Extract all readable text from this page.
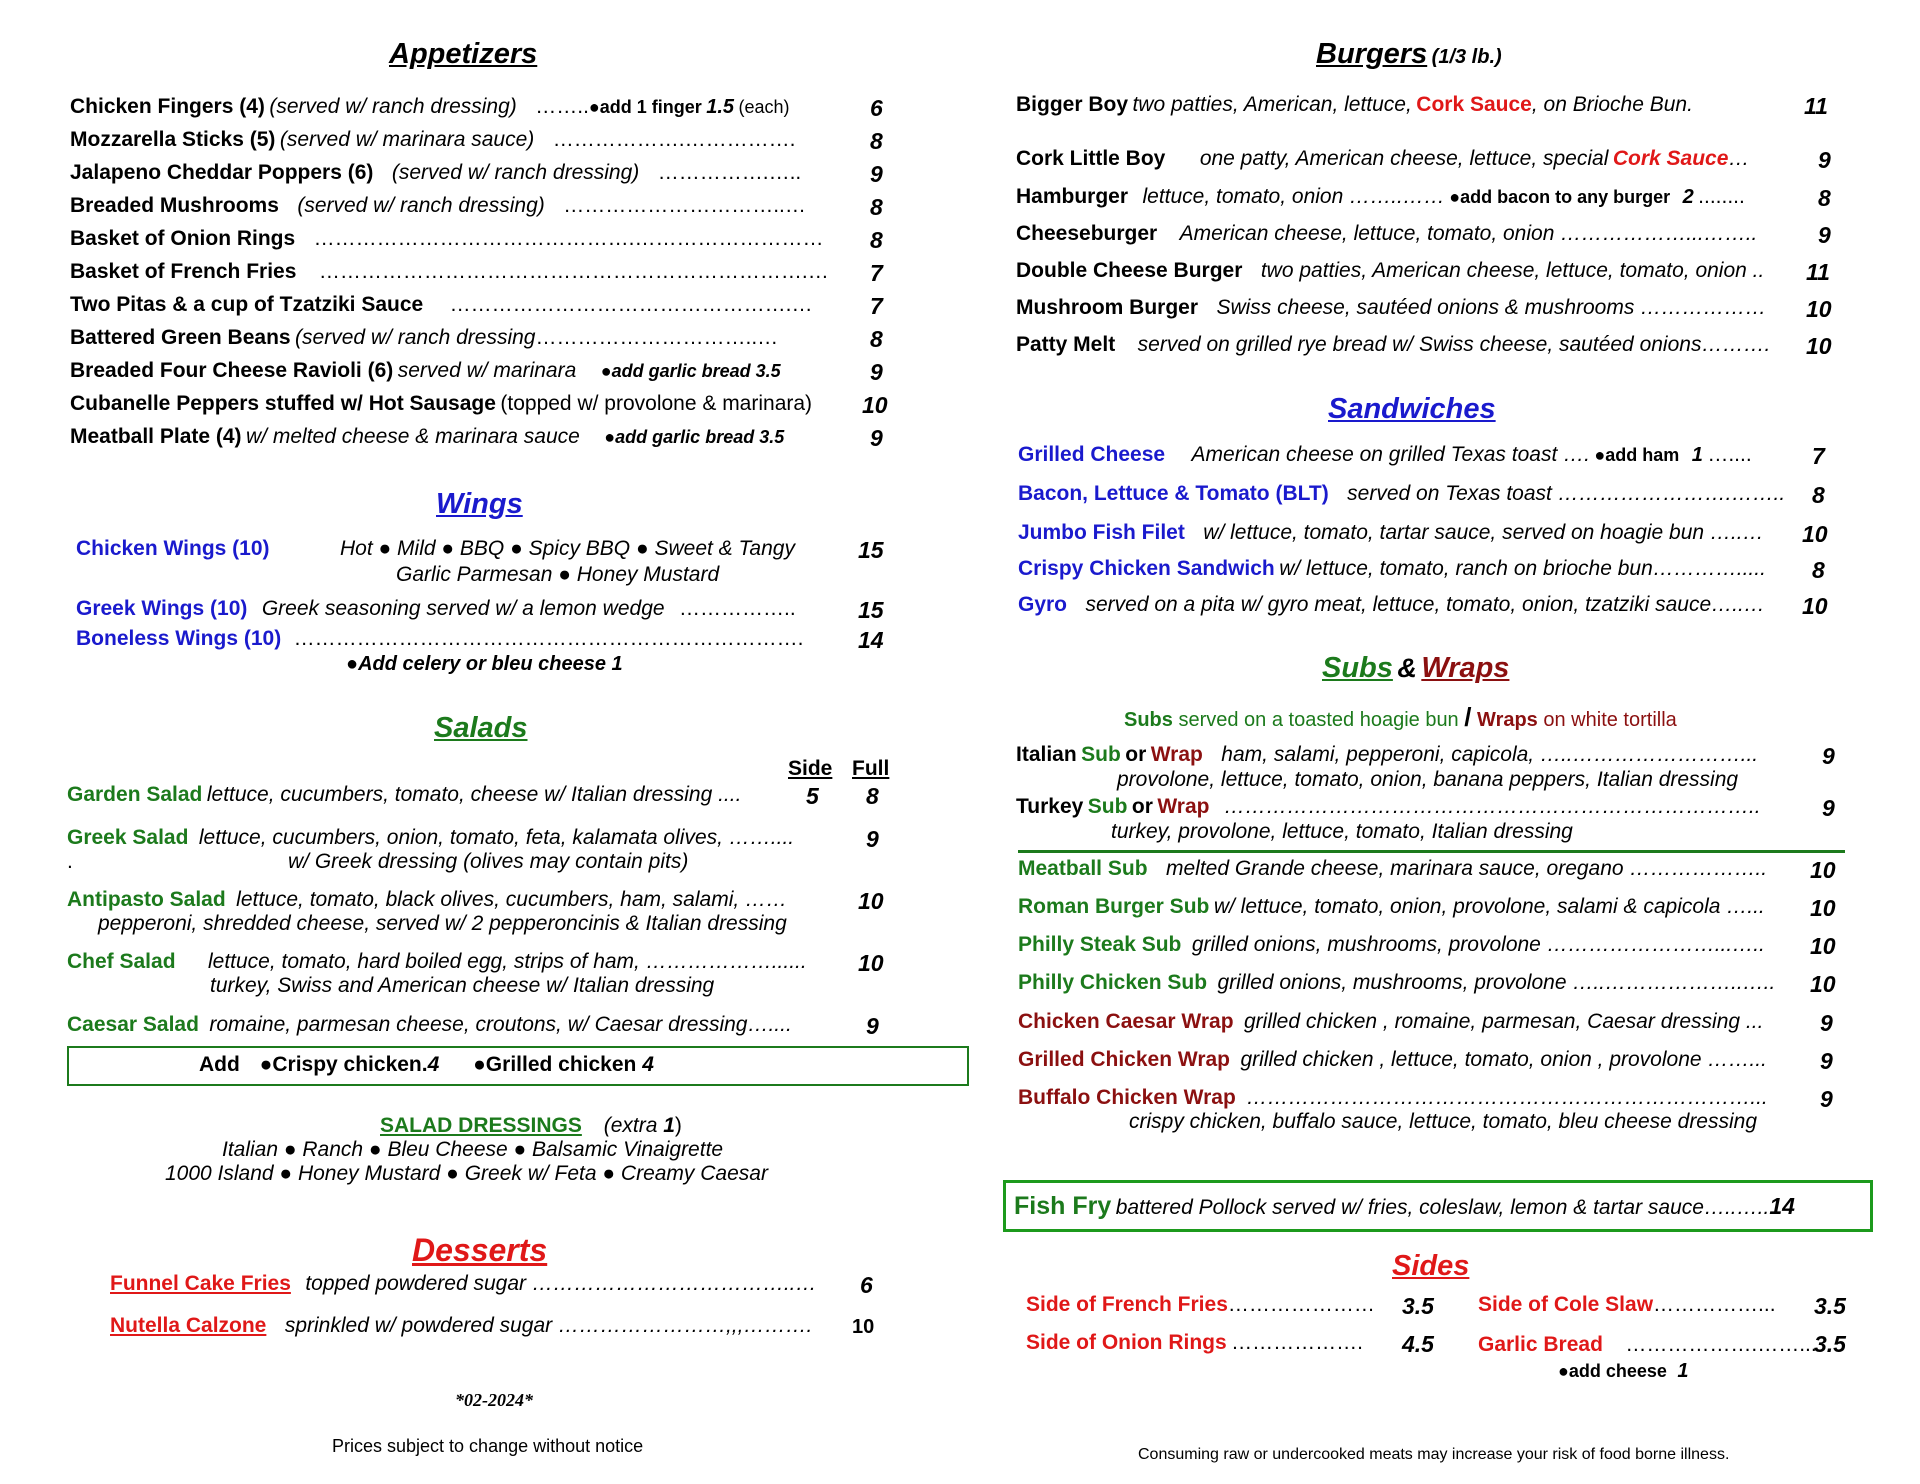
Appetizers
Chicken Fingers (4) (served w/ ranch dressing) ……..●add 1 finger 1.5 (each)	6
Mozzarella Sticks (5) (served w/ marinara sauce) ……………….…………….	8
Jalapeno Cheddar Poppers (6) (served w/ ranch dressing) …………….…..	9
Breaded Mushrooms (served w/ ranch dressing) …………………………..…	8
Basket of Onion Rings ……………………………………….……………………… 8
Basket of French Fries …………………………………………………………….… 7
Two Pitas & a cup of Tzatziki Sauce ………………………………………….…	7
Battered Green Beans (served w/ ranch dressing…………………………..…	8
Breaded Four Cheese Ravioli (6) served w/ marinara ●add garlic bread 3.5	9
Cubanelle Peppers stuffed w/ Hot Sausage (topped w/ provolone & marinara) 10
Meatball Plate (4) w/ melted cheese & marinara sauce ●add garlic bread 3.5	9
Wings
Chicken Wings (10)	Hot ● Mild ● BBQ ● Spicy BBQ ● Sweet & Tangy
Garlic Parmesan ● Honey Mustard
15
Greek Wings (10) Greek seasoning served w/ a lemon wedge ……………..	15
Boneless Wings (10) ………………………………………………………………. 14
●Add celery or bleu cheese 1
Salads
Side Full
Garden Salad lettuce, cucumbers, tomato, cheese w/ Italian dressing ....	5 8
Greek Salad lettuce, cucumbers, onion, tomato, feta, kalamata olives, ……....
.	w/ Greek dressing (olives may contain pits)
9
Antipasto Salad lettuce, tomato, black olives, cucumbers, ham, salami, ……
pepperoni, shredded cheese, served w/ 2 pepperoncinis & Italian dressing
10
Chef Salad lettuce, tomato, hard boiled egg, strips of ham, ………………......
turkey, Swiss and American cheese w/ Italian dressing
10
Caesar Salad romaine, parmesan cheese, croutons, w/ Caesar dressing…....	9
Add ●Crispy chicken.4 ●Grilled chicken 4
SALAD DRESSINGS (extra 1)
Italian ● Ranch ● Bleu Cheese ● Balsamic Vinaigrette
1000 Island ● Honey Mustard ● Greek w/ Feta ● Creamy Caesar
Desserts
Funnel Cake Fries topped powdered sugar ………………………………..… 6
Nutella Calzone sprinkled w/ powdered sugar ……………………,,,………. 10
*02-2024*
Prices subject to change without notice
Burgers (1/3 lb.)
Bigger Boy two patties, American, lettuce, Cork Sauce, on Brioche Bun.	11
Cork Little Boy one patty, American cheese, lettuce, special Cork Sauce…	9
Hamburger lettuce, tomato, onion ……..…… ●add bacon to any burger 2 ........	8
Cheeseburger American cheese, lettuce, tomato, onion ………………...……..	9
Double Cheese Burger two patties, American cheese, lettuce, tomato, onion .. 11
Mushroom Burger Swiss cheese, sautéed onions & mushrooms ……………… 10
Patty Melt served on grilled rye bread w/ Swiss cheese, sautéed onions………. 10
Sandwiches
Grilled Cheese American cheese on grilled Texas toast …. ●add ham 1 …....	7
Bacon, Lettuce & Tomato (BLT) served on Texas toast …………………….…….. 8
Jumbo Fish Filet w/ lettuce, tomato, tartar sauce, served on hoagie bun …..… 10
Crispy Chicken Sandwich w/ lettuce, tomato, ranch on brioche bun…………..... 8
Gyro served on a pita w/ gyro meat, lettuce, tomato, onion, tzatziki sauce…..… 10
Subs & Wraps
Subs served on a toasted hoagie bun / Wraps on white tortilla
Italian Sub or Wrap ham, salami, pepperoni, capicola, …..……………………...
provolone, lettuce, tomato, onion, banana peppers, Italian dressing
9
Turkey Sub or Wrap …………………………………………………………………..
turkey, provolone, lettuce, tomato, Italian dressing
9
Meatball Sub melted Grande cheese, marinara sauce, oregano ……………….. 10
Roman Burger Sub w/ lettuce, tomato, onion, provolone, salami & capicola …... 10
Philly Steak Sub grilled onions, mushrooms, provolone ……………………...….. 10
Philly Chicken Sub grilled onions, mushrooms, provolone …..………………..….. 10
Chicken Caesar Wrap grilled chicken , romaine, parmesan, Caesar dressing ... 9
Grilled Chicken Wrap grilled chicken , lettuce, tomato, onion , provolone ……... 9
Buffalo Chicken Wrap ………………………………………………………………...
crispy chicken, buffalo sauce, lettuce, tomato, bleu cheese dressing
9
Fish Fry battered Pollock served w/ fries, coleslaw, lemon & tartar sauce…..…..14
Sides
Side of French Fries………………… 3.5
Side of Onion Rings ………………. 4.5
Side of Cole Slaw……………... 3.5
Garlic Bread ……………….……...
3.5
●add cheese 1
Consuming raw or undercooked meats may increase your risk of food borne illness.
